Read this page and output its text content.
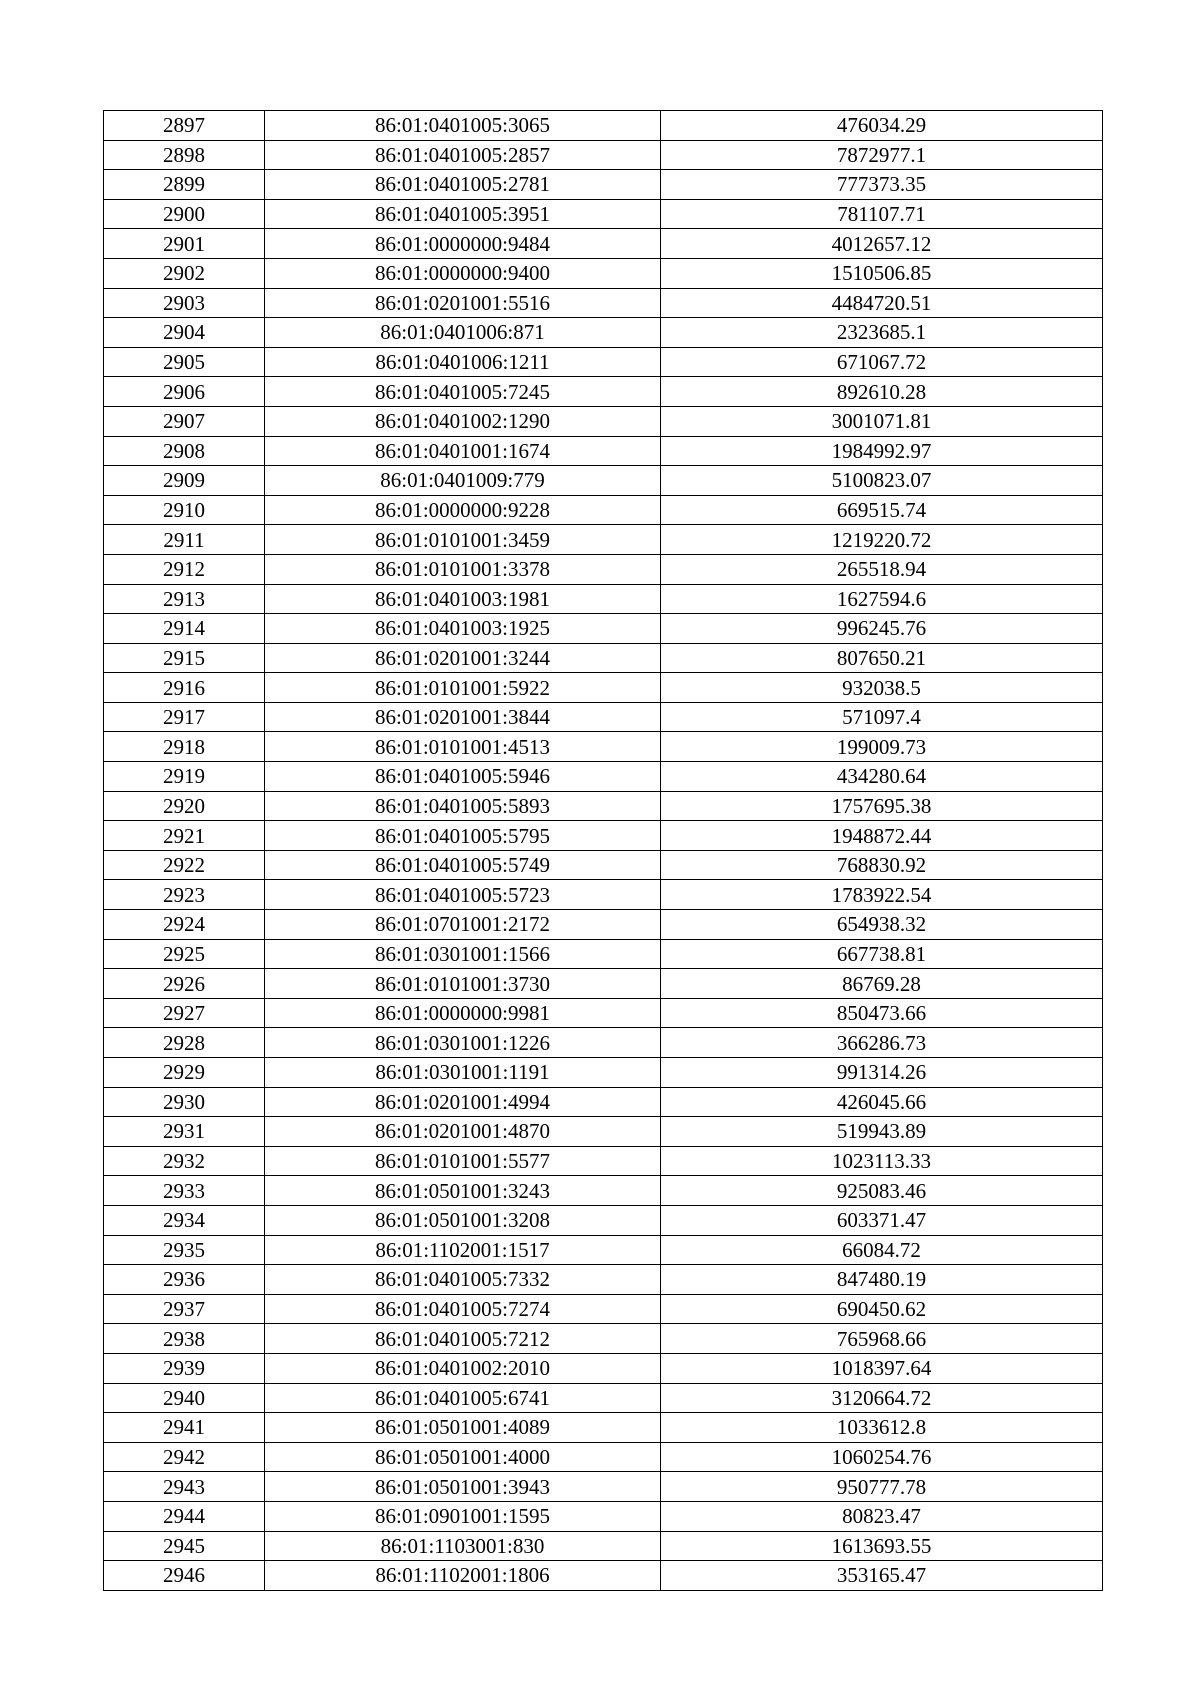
2897	86:01:0401005:3065	476034.29
2898	86:01:0401005:2857	7872977.1
2899	86:01:0401005:2781	777373.35
2900	86:01:0401005:3951	781107.71
2901	86:01:0000000:9484	4012657.12
2902	86:01:0000000:9400	1510506.85
2903	86:01:0201001:5516	4484720.51
2904	86:01:0401006:871	2323685.1
2905	86:01:0401006:1211	671067.72
2906	86:01:0401005:7245	892610.28
2907	86:01:0401002:1290	3001071.81
2908	86:01:0401001:1674	1984992.97
2909	86:01:0401009:779	5100823.07
2910	86:01:0000000:9228	669515.74
2911	86:01:0101001:3459	1219220.72
2912	86:01:0101001:3378	265518.94
2913	86:01:0401003:1981	1627594.6
2914	86:01:0401003:1925	996245.76
2915	86:01:0201001:3244	807650.21
2916	86:01:0101001:5922	932038.5
2917	86:01:0201001:3844	571097.4
2918	86:01:0101001:4513	199009.73
2919	86:01:0401005:5946	434280.64
2920	86:01:0401005:5893	1757695.38
2921	86:01:0401005:5795	1948872.44
2922	86:01:0401005:5749	768830.92
2923	86:01:0401005:5723	1783922.54
2924	86:01:0701001:2172	654938.32
2925	86:01:0301001:1566	667738.81
2926	86:01:0101001:3730	86769.28
2927	86:01:0000000:9981	850473.66
2928	86:01:0301001:1226	366286.73
2929	86:01:0301001:1191	991314.26
2930	86:01:0201001:4994	426045.66
2931	86:01:0201001:4870	519943.89
2932	86:01:0101001:5577	1023113.33
2933	86:01:0501001:3243	925083.46
2934	86:01:0501001:3208	603371.47
2935	86:01:1102001:1517	66084.72
2936	86:01:0401005:7332	847480.19
2937	86:01:0401005:7274	690450.62
2938	86:01:0401005:7212	765968.66
2939	86:01:0401002:2010	1018397.64
2940	86:01:0401005:6741	3120664.72
2941	86:01:0501001:4089	1033612.8
2942	86:01:0501001:4000	1060254.76
2943	86:01:0501001:3943	950777.78
2944	86:01:0901001:1595	80823.47
2945	86:01:1103001:830	1613693.55
2946	86:01:1102001:1806	353165.47
